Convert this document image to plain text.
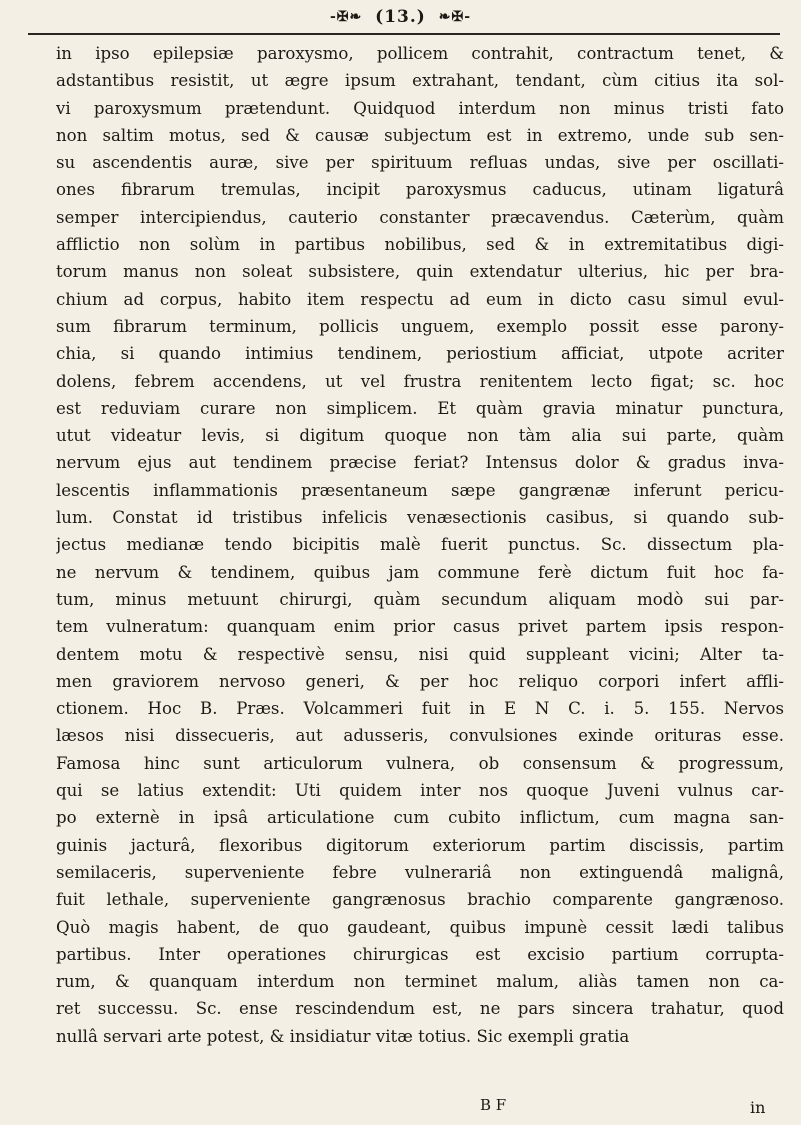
-✠❧ (13.) ❧✠-
in ipso epilepsiæ paroxysmo, pollicem contrahit, contractum tenet, &
adstantibus resistit, ut ægre ipsum extrahant, tendant, cùm citius ita sol-
vi paroxysmum prætendunt. Quidquod interdum non minus tristi fato
non saltim motus, sed & causæ subjectum est in extremo, unde sub sen-
su ascendentis auræ, sive per spirituum refluas undas, sive per oscillati-
ones fibrarum tremulas, incipit paroxysmus caducus, utinam ligaturâ
semper intercipiendus, cauterio constanter præcavendus. Cæterùm, quàm
afflictio non solùm in partibus nobilibus, sed & in extremitatibus digi-
torum manus non soleat subsistere, quin extendatur ulterius, hic per bra-
chium ad corpus, habito item respectu ad eum in dicto casu simul evul-
sum fibrarum terminum, pollicis unguem, exemplo possit esse parony-
chia, si quando intimius tendinem, periostium afficiat, utpote acriter
dolens, febrem accendens, ut vel frustra renitentem lecto figat; sc. hoc
est reduviam curare non simplicem. Et quàm gravia minatur punctura,
utut videatur levis, si digitum quoque non tàm alia sui parte, quàm
nervum ejus aut tendinem præcise feriat? Intensus dolor & gradus inva-
lescentis inflammationis præsentaneum sæpe gangrænæ inferunt pericu-
lum. Constat id tristibus infelicis venæsectionis casibus, si quando sub-
jectus medianæ tendo bicipitis malè fuerit punctus. Sc. dissectum pla-
ne nervum & tendinem, quibus jam commune ferè dictum fuit hoc fa-
tum, minus metuunt chirurgi, quàm secundum aliquam modò sui par-
tem vulneratum: quanquam enim prior casus privet partem ipsis respon-
dentem motu & respectivè sensu, nisi quid suppleant vicini; Alter ta-
men graviorem nervoso generi, & per hoc reliquo corpori infert affli-
ctionem. Hoc B. Præs. Volcammeri fuit in E N C. i. 5. 155. Nervos
læsos nisi dissecueris, aut adusseris, convulsiones exinde orituras esse.
Famosa hinc sunt articulorum vulnera, ob consensum & progressum,
qui se latius extendit: Uti quidem inter nos quoque Juveni vulnus car-
po externè in ipsâ articulatione cum cubito inflictum, cum magna san-
guinis jacturâ, flexoribus digitorum exteriorum partim discissis, partim
semilaceris, superveniente febre vulnerariâ non extinguendâ malignâ,
fuit lethale, superveniente gangrænosus brachio comparente gangrænoso.
Quò magis habent, de quo gaudeant, quibus impunè cessit lædi talibus
partibus. Inter operationes chirurgicas est excisio partium corrupta-
rum, & quanquam interdum non terminet malum, aliàs tamen non ca-
ret successu. Sc. ense rescindendum est, ne pars sincera trahatur, quod
nullâ servari arte potest, & insidiatur vitæ totius. Sic exempli gratia
B F	in
